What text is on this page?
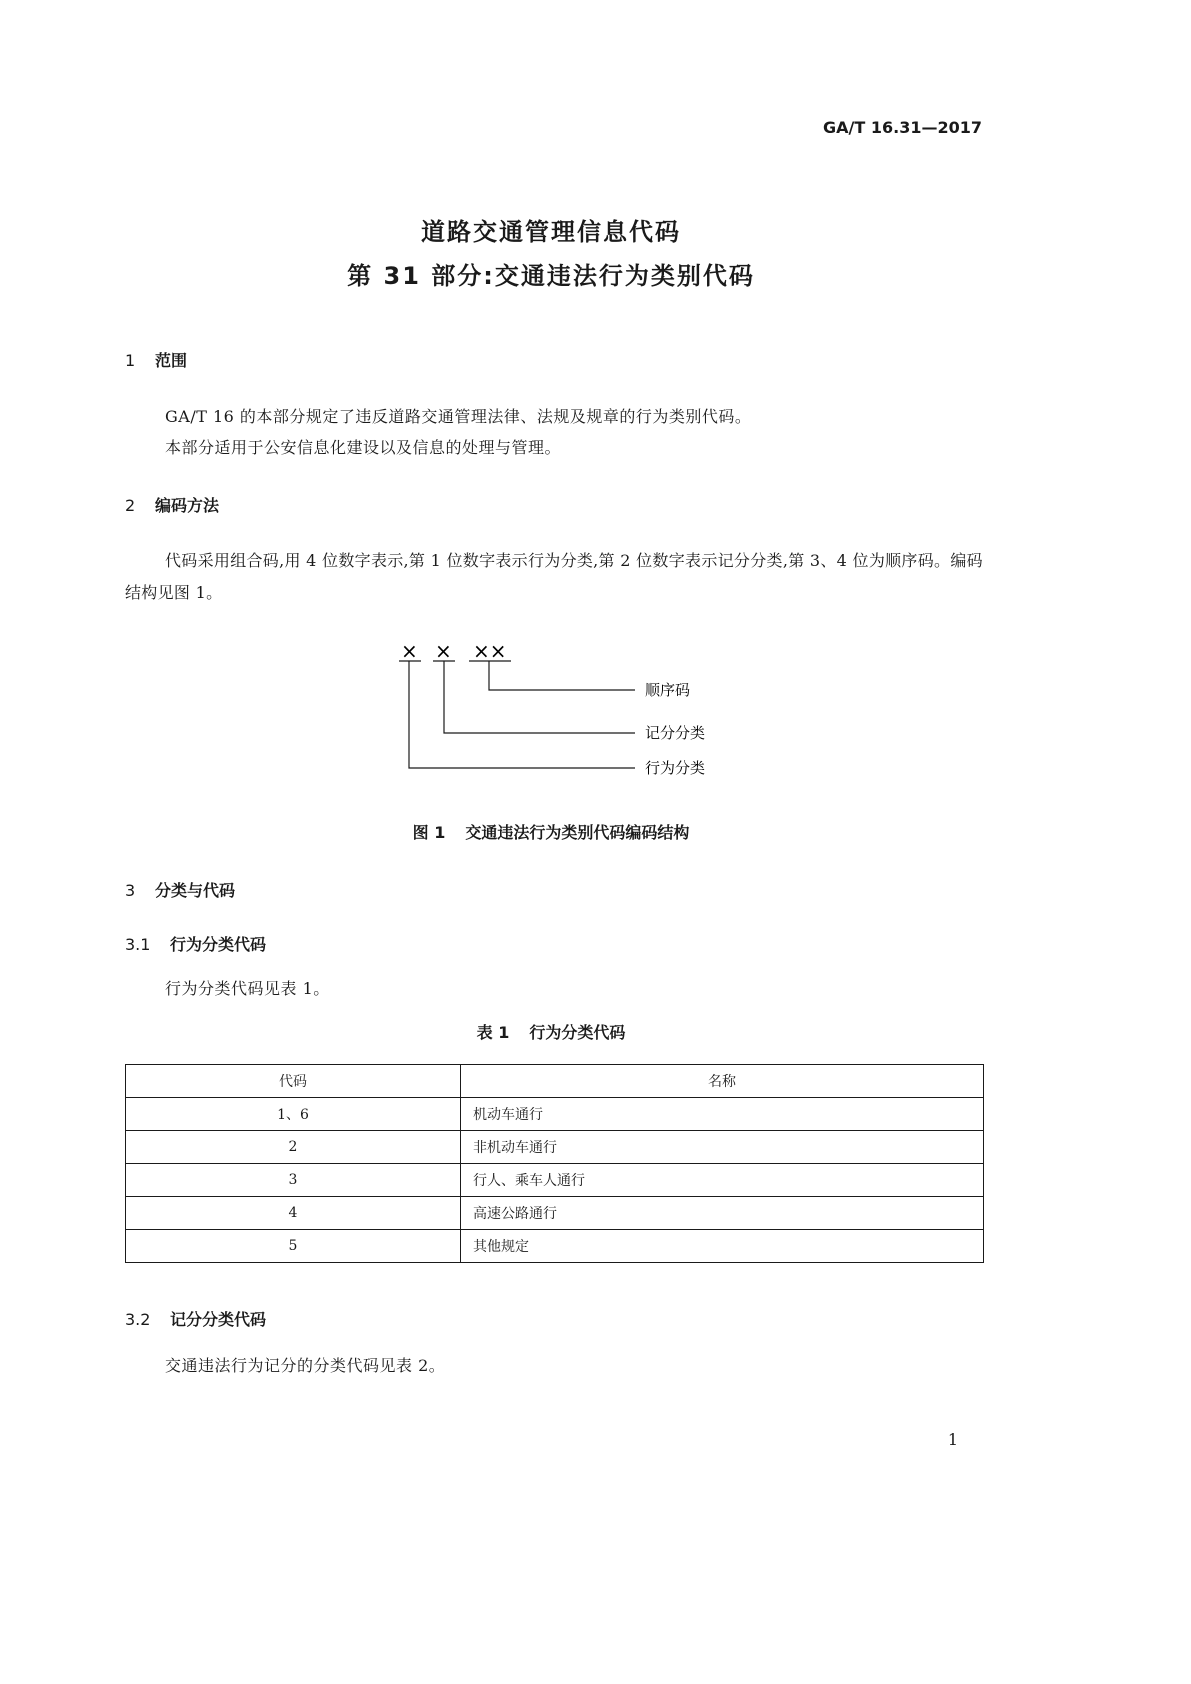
GA/T 16.31—2017
道路交通管理信息代码
第 31 部分:交通违法行为类别代码
1 范围
GA/T 16 的本部分规定了违反道路交通管理法律、法规及规章的行为类别代码。
本部分适用于公安信息化建设以及信息的处理与管理。
2 编码方法
代码采用组合码,用 4 位数字表示,第 1 位数字表示行为分类,第 2 位数字表示记分分类,第 3、4 位为顺序码。编码结构见图 1。
× × ××
顺序码
记分分类
行为分类
图 1 交通违法行为类别代码编码结构
3 分类与代码
3.1 行为分类代码
行为分类代码见表 1。
表 1 行为分类代码
代码	名称
1、6	机动车通行
2	非机动车通行
3	行人、乘车人通行
4	高速公路通行
5	其他规定
3.2 记分分类代码
交通违法行为记分的分类代码见表 2。
1
